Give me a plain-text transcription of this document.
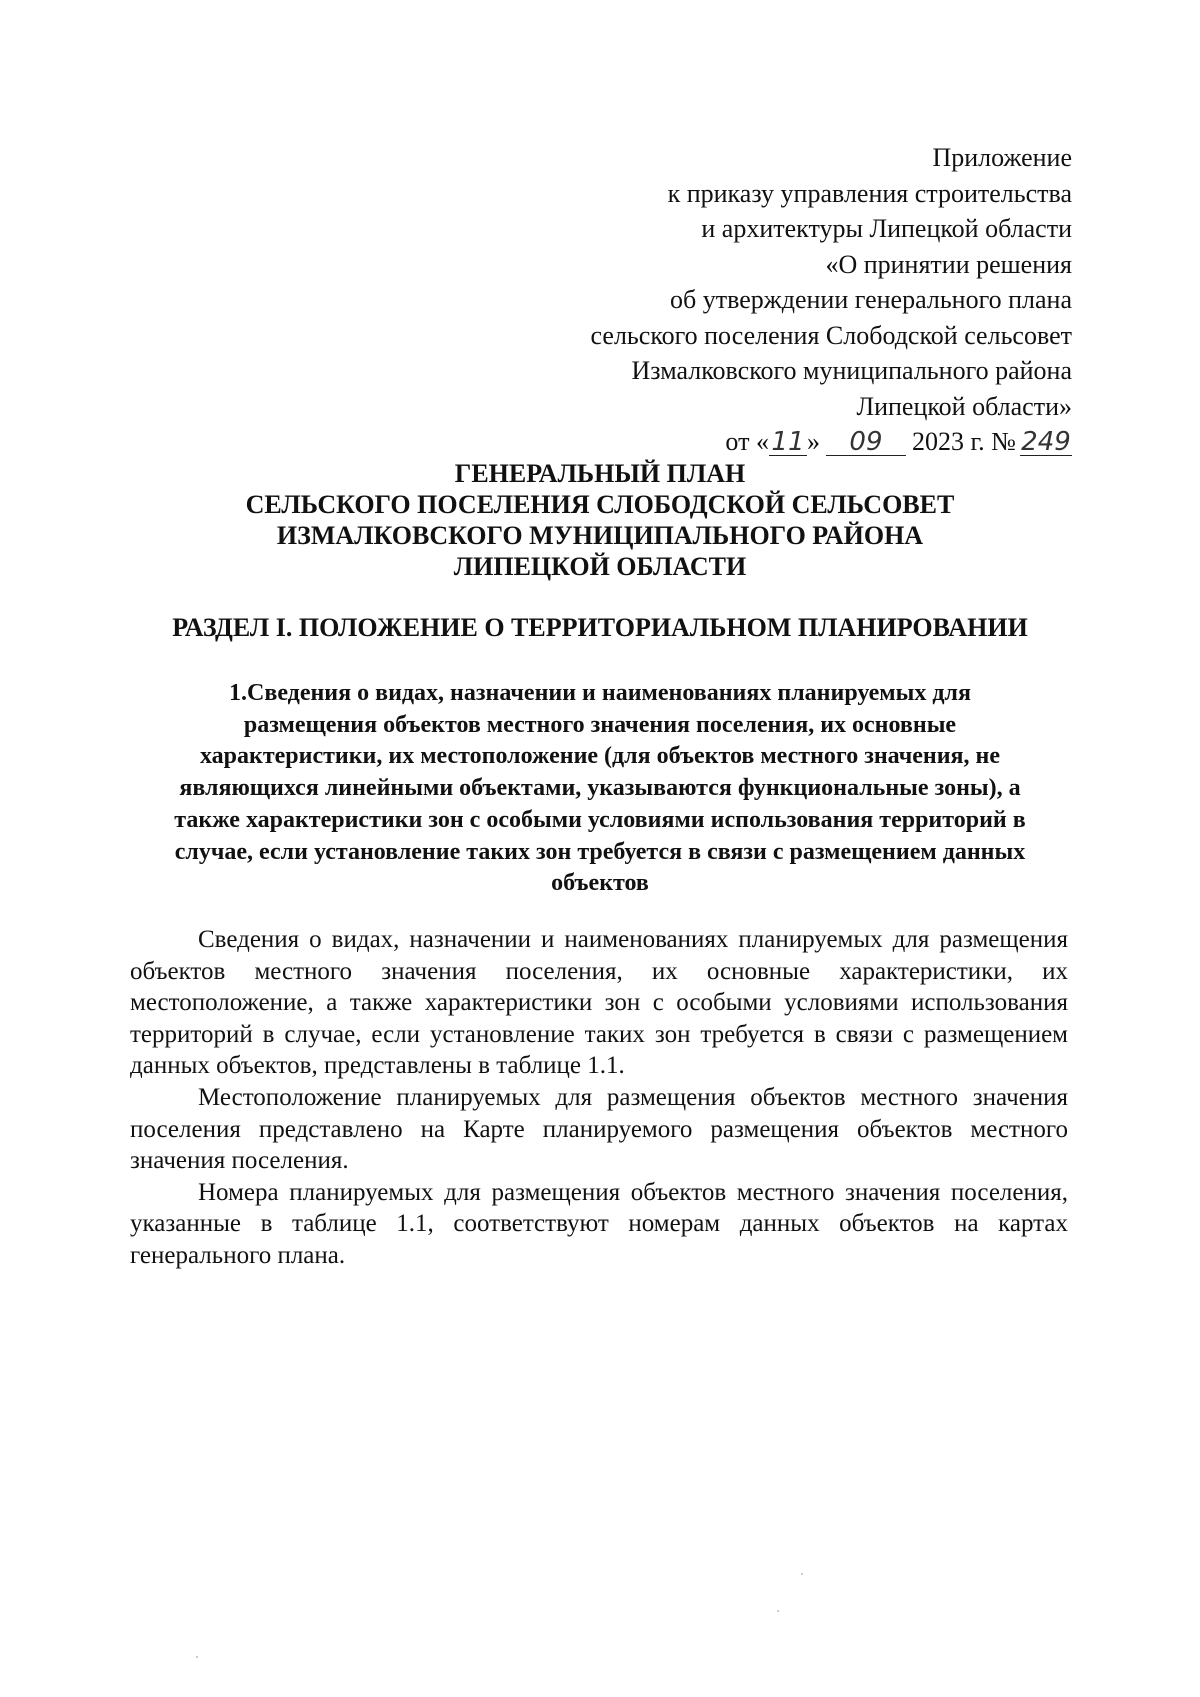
Приложение
к приказу управления строительства
и архитектуры Липецкой области
«О принятии решения
об утверждении генерального плана
сельского поселения Слободской сельсовет
Измалковского муниципального района
Липецкой области»
от «11» 09 2023 г. № 249
ГЕНЕРАЛЬНЫЙ ПЛАН
СЕЛЬСКОГО ПОСЕЛЕНИЯ СЛОБОДСКОЙ СЕЛЬСОВЕТ
ИЗМАЛКОВСКОГО МУНИЦИПАЛЬНОГО РАЙОНА
ЛИПЕЦКОЙ ОБЛАСТИ
РАЗДЕЛ I. ПОЛОЖЕНИЕ О ТЕРРИТОРИАЛЬНОМ ПЛАНИРОВАНИИ
1.Сведения о видах, назначении и наименованиях планируемых для
размещения объектов местного значения поселения, их основные
характеристики, их местоположение (для объектов местного значения, не
являющихся линейными объектами, указываются функциональные зоны), а
также характеристики зон с особыми условиями использования территорий в
случае, если установление таких зон требуется в связи с размещением данных
объектов
Сведения о видах, назначении и наименованиях планируемых для размещения
объектов местного значения поселения, их основные характеристики, их
местоположение, а также характеристики зон с особыми условиями использования
территорий в случае, если установление таких зон требуется в связи с размещением
данных объектов, представлены в таблице 1.1.
Местоположение планируемых для размещения объектов местного значения
поселения представлено на Карте планируемого размещения объектов местного
значения поселения.
Номера планируемых для размещения объектов местного значения поселения,
указанные в таблице 1.1, соответствуют номерам данных объектов на картах
генерального плана.
